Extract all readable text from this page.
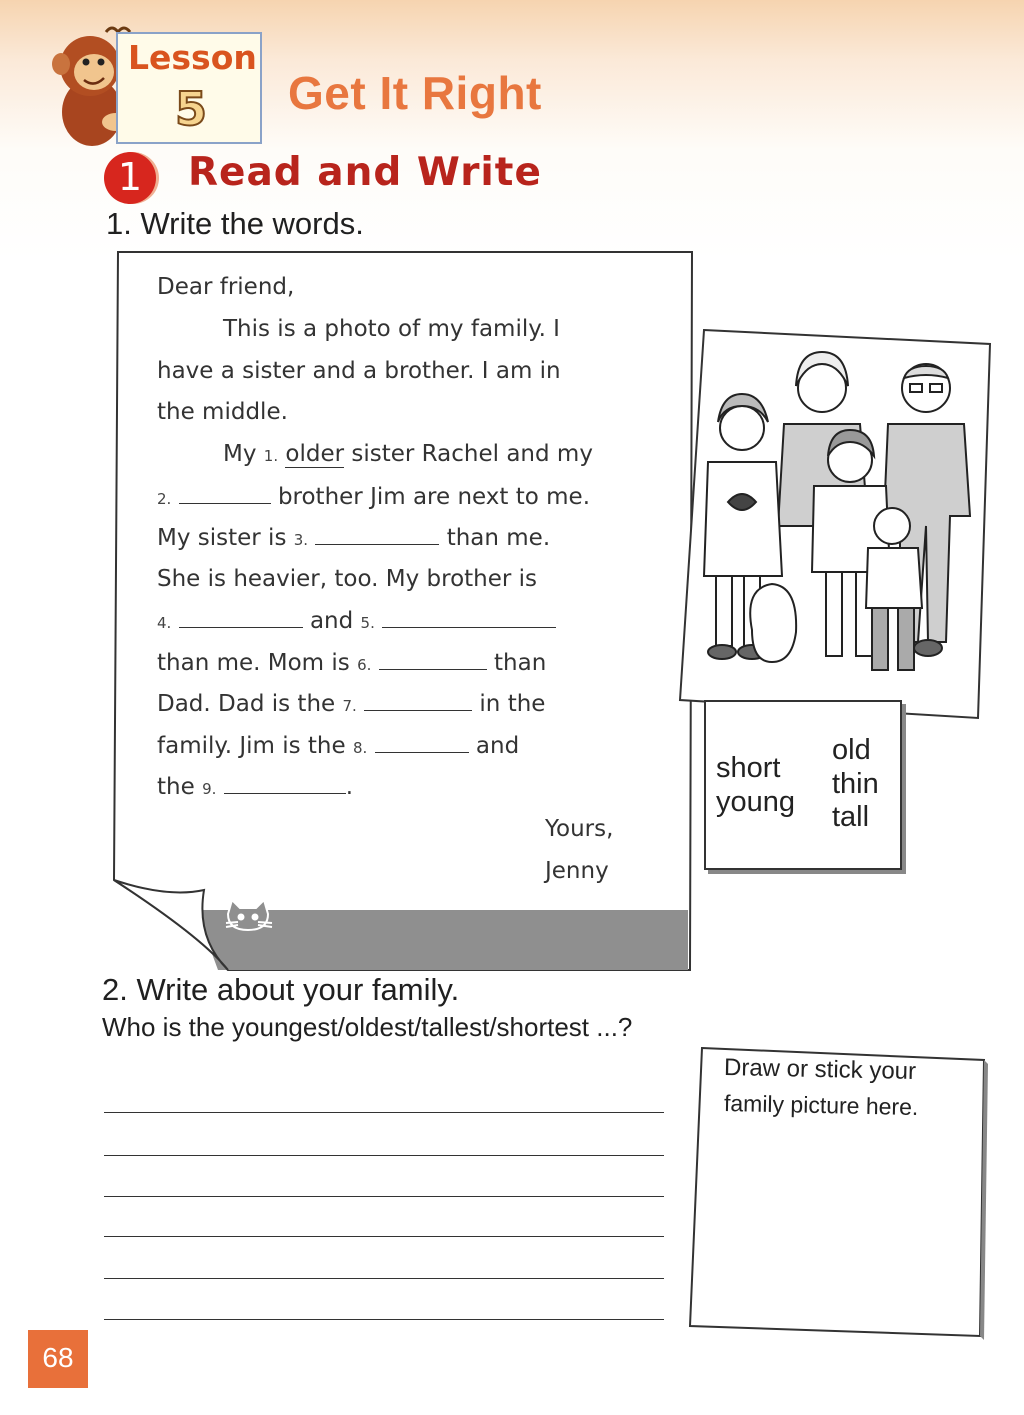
Lesson
5 Get It Right
1	Read and Write
1. Write the words.
Dear friend,
This is a photo of my family. I
have a sister and a brother. I am in
the middle.
My 1. older sister Rachel and my
2.	brother Jim are next to me.
My sister is 3.	than me.
She is heavier, too. My brother is
4.	and 5.
than me. Mom is 6.	than
Dad. Dad is the 7.	in the
family. Jim is the 8.	and
the 9.	.
Yours,
Jenny
short
young
old
thin
tall
2. Write about your family.
Who is the youngest/oldest/tallest/shortest ...?
Draw or stick your
family picture here.
68
